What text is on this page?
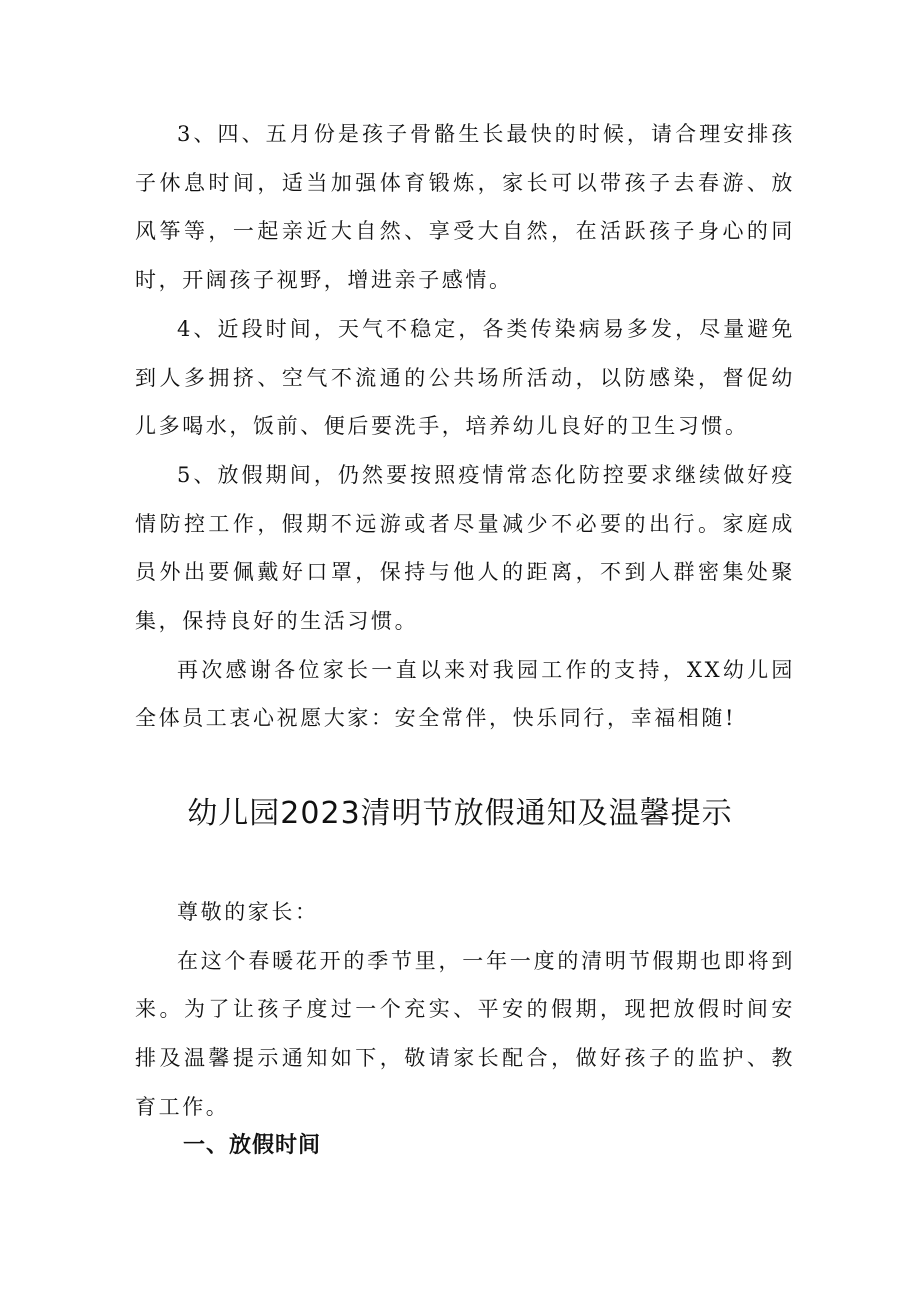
3、四、五月份是孩子骨骼生长最快的时候，请合理安排孩子休息时间，适当加强体育锻炼，家长可以带孩子去春游、放风筝等，一起亲近大自然、享受大自然，在活跃孩子身心的同时，开阔孩子视野，增进亲子感情。

4、近段时间，天气不稳定，各类传染病易多发，尽量避免到人多拥挤、空气不流通的公共场所活动，以防感染，督促幼儿多喝水，饭前、便后要洗手，培养幼儿良好的卫生习惯。

5、放假期间，仍然要按照疫情常态化防控要求继续做好疫情防控工作，假期不远游或者尽量减少不必要的出行。家庭成员外出要佩戴好口罩，保持与他人的距离，不到人群密集处聚集，保持良好的生活习惯。

再次感谢各位家长一直以来对我园工作的支持，XX幼儿园全体员工衷心祝愿大家：安全常伴，快乐同行，幸福相随!

幼儿园2023清明节放假通知及温馨提示

尊敬的家长：

在这个春暖花开的季节里，一年一度的清明节假期也即将到来。为了让孩子度过一个充实、平安的假期，现把放假时间安排及温馨提示通知如下，敬请家长配合，做好孩子的监护、教育工作。

一、放假时间
